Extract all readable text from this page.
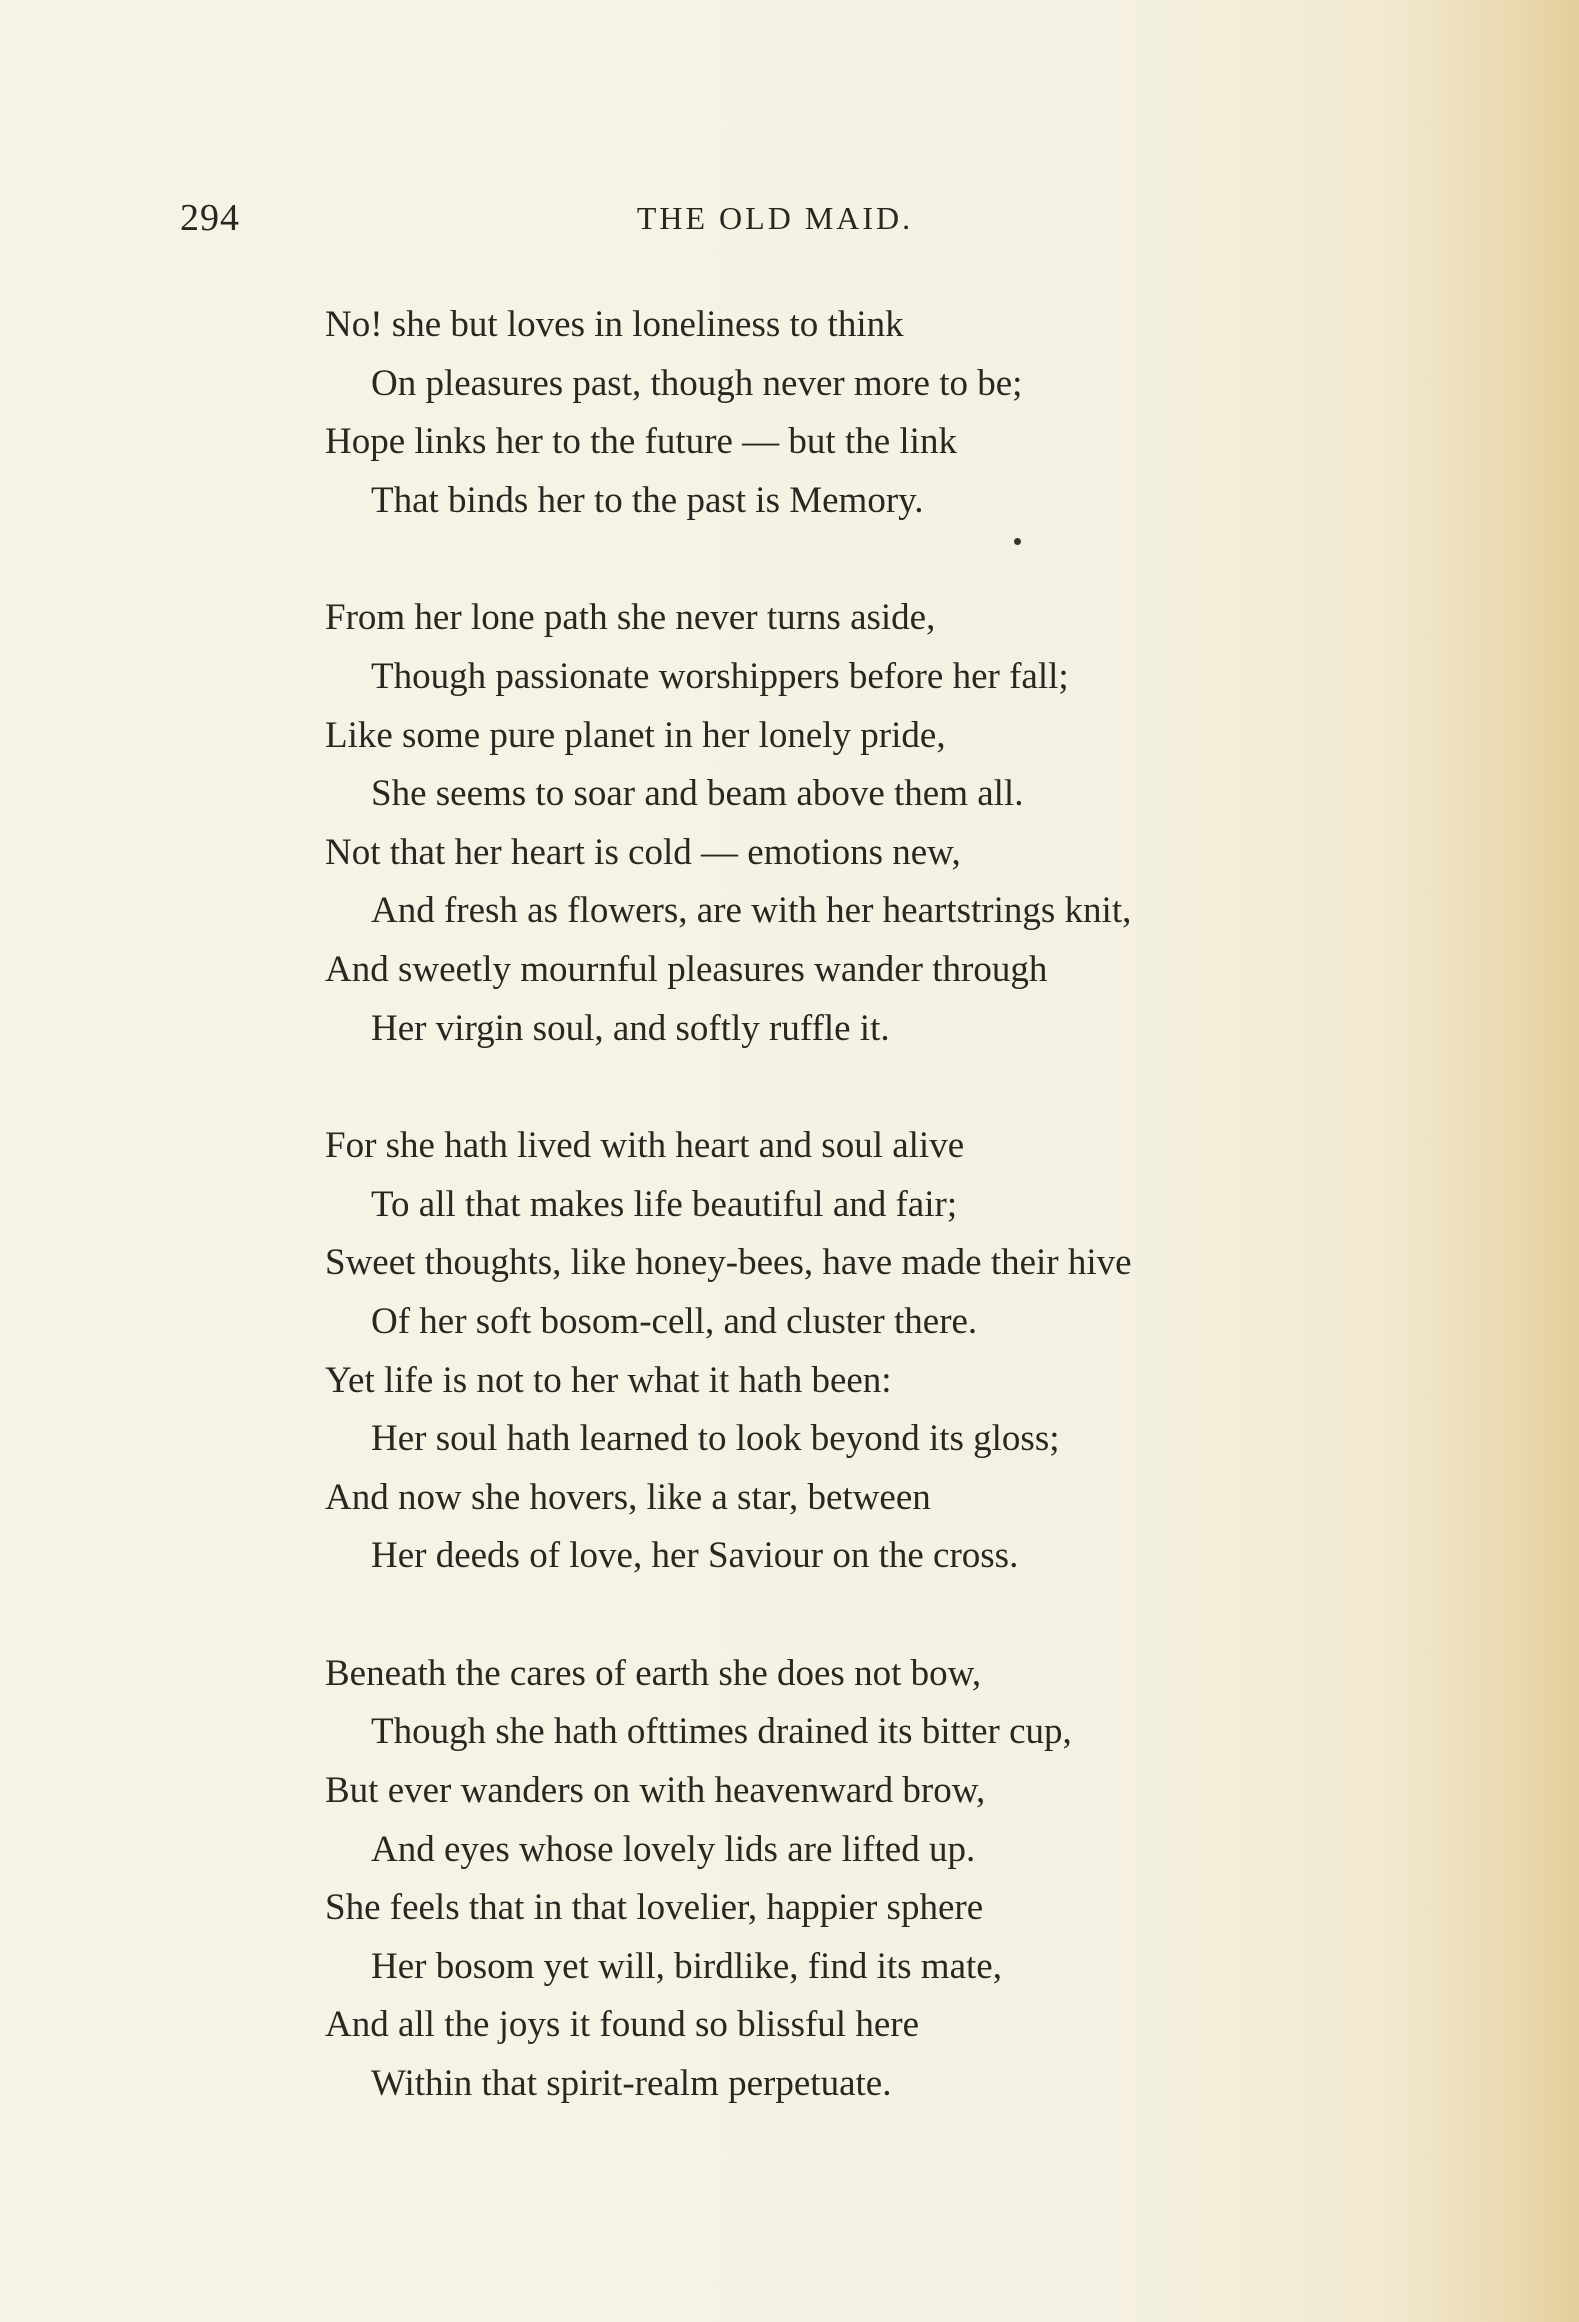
294	THE OLD MAID.
No! she but loves in loneliness to think
On pleasures past, though never more to be;
Hope links her to the future — but the link
That binds her to the past is Memory.
From her lone path she never turns aside,
Though passionate worshippers before her fall;
Like some pure planet in her lonely pride,
She seems to soar and beam above them all.
Not that her heart is cold — emotions new,
And fresh as flowers, are with her heartstrings knit,
And sweetly mournful pleasures wander through
Her virgin soul, and softly ruffle it.
For she hath lived with heart and soul alive
To all that makes life beautiful and fair;
Sweet thoughts, like honey-bees, have made their hive
Of her soft bosom-cell, and cluster there.
Yet life is not to her what it hath been:
Her soul hath learned to look beyond its gloss;
And now she hovers, like a star, between
Her deeds of love, her Saviour on the cross.
Beneath the cares of earth she does not bow,
Though she hath ofttimes drained its bitter cup,
But ever wanders on with heavenward brow,
And eyes whose lovely lids are lifted up.
She feels that in that lovelier, happier sphere
Her bosom yet will, birdlike, find its mate,
And all the joys it found so blissful here
Within that spirit-realm perpetuate.
